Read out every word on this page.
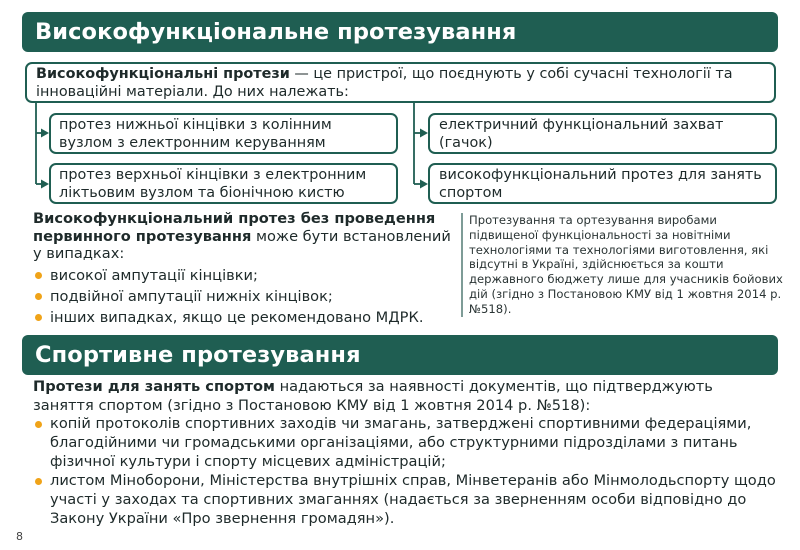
Високофункціональне протезування
Високофункціональні протези — це пристрої, що поєднують у собі сучасні технології та інноваційні матеріали. До них належать:
протез нижньої кінцівки з колінним вузлом з електронним керуванням
електричний функціональний захват (гачок)
протез верхньої кінцівки з електронним ліктьовим вузлом та біонічною кистю
високофункціональний протез для занять спортом
Високофункціональний протез без проведення первинного протезування може бути встановлений у випадках:
високої ампутації кінцівки;
подвійної ампутації нижніх кінцівок;
інших випадках, якщо це рекомендовано МДРК.
Протезування та ортезування виробами підвищеної функціональності за новітніми технологіями та технологіями виготовлення, які відсутні в Україні, здійснюється за кошти державного бюджету лише для учасників бойових дій (згідно з Постановою КМУ від 1 жовтня 2014 р. №518).
Спортивне протезування
Протези для занять спортом надаються за наявності документів, що підтверджують заняття спортом (згідно з Постановою КМУ від 1 жовтня 2014 р. №518):
копій протоколів спортивних заходів чи змагань, затверджені спортивними федераціями, благодійними чи громадськими організаціями, або структурними підрозділами з питань фізичної культури і спорту місцевих адміністрацій;
листом Міноборони, Міністерства внутрішніх справ, Мінветеранів або Мінмолодьспорту щодо участі у заходах та спортивних змаганнях (надається за зверненням особи відповідно до Закону України «Про звернення громадян»).
8
